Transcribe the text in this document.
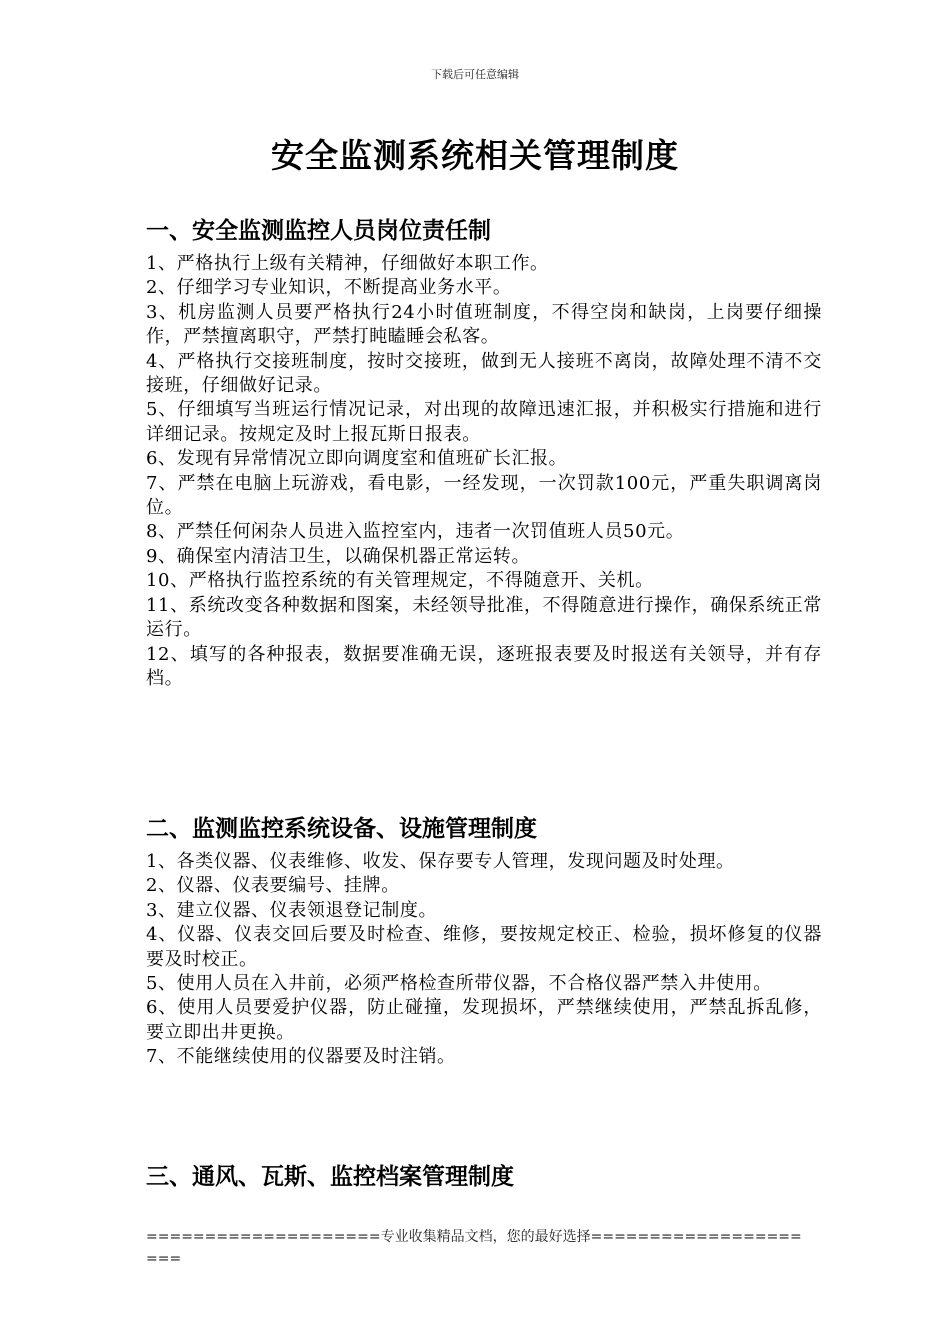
下载后可任意编辑
安全监测系统相关管理制度
一、安全监测监控人员岗位责任制
1、严格执行上级有关精神，仔细做好本职工作。
2、仔细学习专业知识，不断提高业务水平。
3、机房监测人员要严格执行24小时值班制度，不得空岗和缺岗，上岗要仔细操作，严禁擅离职守，严禁打盹瞌睡会私客。
4、严格执行交接班制度，按时交接班，做到无人接班不离岗，故障处理不清不交接班，仔细做好记录。
5、仔细填写当班运行情况记录，对出现的故障迅速汇报，并积极实行措施和进行详细记录。按规定及时上报瓦斯日报表。
6、发现有异常情况立即向调度室和值班矿长汇报。
7、严禁在电脑上玩游戏，看电影，一经发现，一次罚款100元，严重失职调离岗位。
8、严禁任何闲杂人员进入监控室内，违者一次罚值班人员50元。
9、确保室内清洁卫生，以确保机器正常运转。
10、严格执行监控系统的有关管理规定，不得随意开、关机。
11、系统改变各种数据和图案，未经领导批准，不得随意进行操作，确保系统正常运行。
12、填写的各种报表，数据要准确无误，逐班报表要及时报送有关领导，并有存档。
二、监测监控系统设备、设施管理制度
1、各类仪器、仪表维修、收发、保存要专人管理，发现问题及时处理。
2、仪器、仪表要编号、挂牌。
3、建立仪器、仪表领退登记制度。
4、仪器、仪表交回后要及时检查、维修，要按规定校正、检验，损坏修复的仪器要及时校正。
5、使用人员在入井前，必须严格检查所带仪器，不合格仪器严禁入井使用。
6、使用人员要爱护仪器，防止碰撞，发现损坏，严禁继续使用，严禁乱拆乱修，要立即出井更换。
7、不能继续使用的仪器要及时注销。
三、通风、瓦斯、监控档案管理制度
====================专业收集精品文档，您的最好选择=====================
